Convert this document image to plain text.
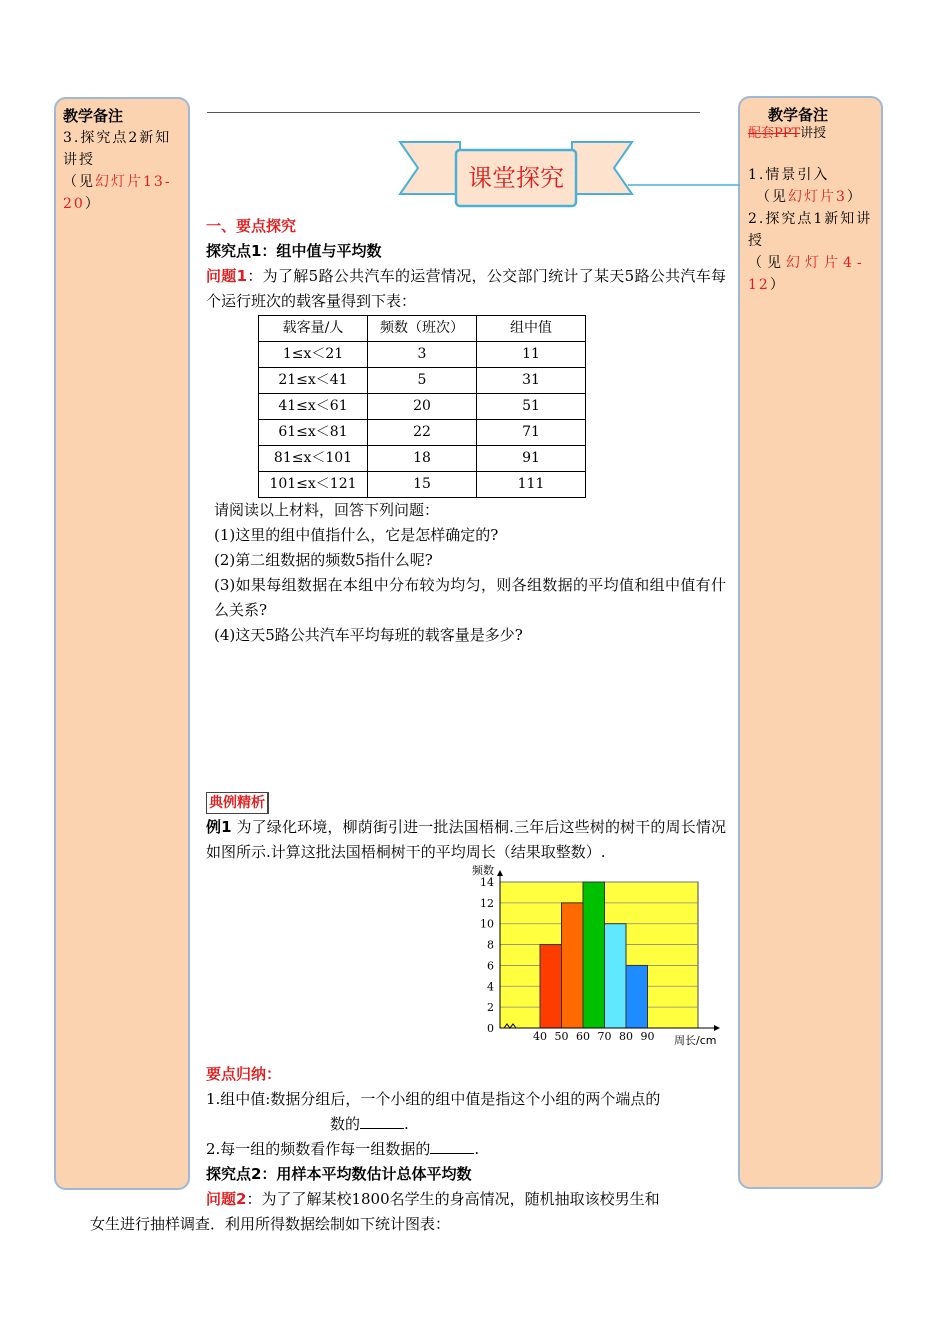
教学备注
3.探究点2新知
讲授
（见幻灯片13-
20）
教学备注
配套PPT讲授
1.情景引入
（见幻灯片3）
2.探究点1新知讲
授
（见幻灯片4-
12）
课堂探究
一、要点探究
探究点1：组中值与平均数
问题1：为了解5路公共汽车的运营情况，公交部门统计了某天5路公共汽车每个运行班次的载客量得到下表：
载客量/人	频数（班次）	组中值
1≤x＜21	3	11
21≤x＜41	5	31
41≤x＜61	20	51
61≤x＜81	22	71
81≤x＜101	18	91
101≤x＜121	15	111
请阅读以上材料，回答下列问题：
(1)这里的组中值指什么，它是怎样确定的?
(2)第二组数据的频数5指什么呢?
(3)如果每组数据在本组中分布较为均匀，则各组数据的平均值和组中值有什么关系?
(4)这天5路公共汽车平均每班的载客量是多少?
典例精析
例1 为了绿化环境，柳荫街引进一批法国梧桐.三年后这些树的树干的周长情况如图所示.计算这批法国梧桐树干的平均周长（结果取整数）.
0
2
4
6
8
10
12
14
40 50 60 70 80 90
频数
周长/cm
要点归纳：
1.组中值:数据分组后，一个小组的组中值是指这个小组的两个端点的
数的	.
2.每一组的频数看作每一组数据的	.
探究点2：用样本平均数估计总体平均数
问题2：为了了解某校1800名学生的身高情况，随机抽取该校男生和
女生进行抽样调查．利用所得数据绘制如下统计图表：
